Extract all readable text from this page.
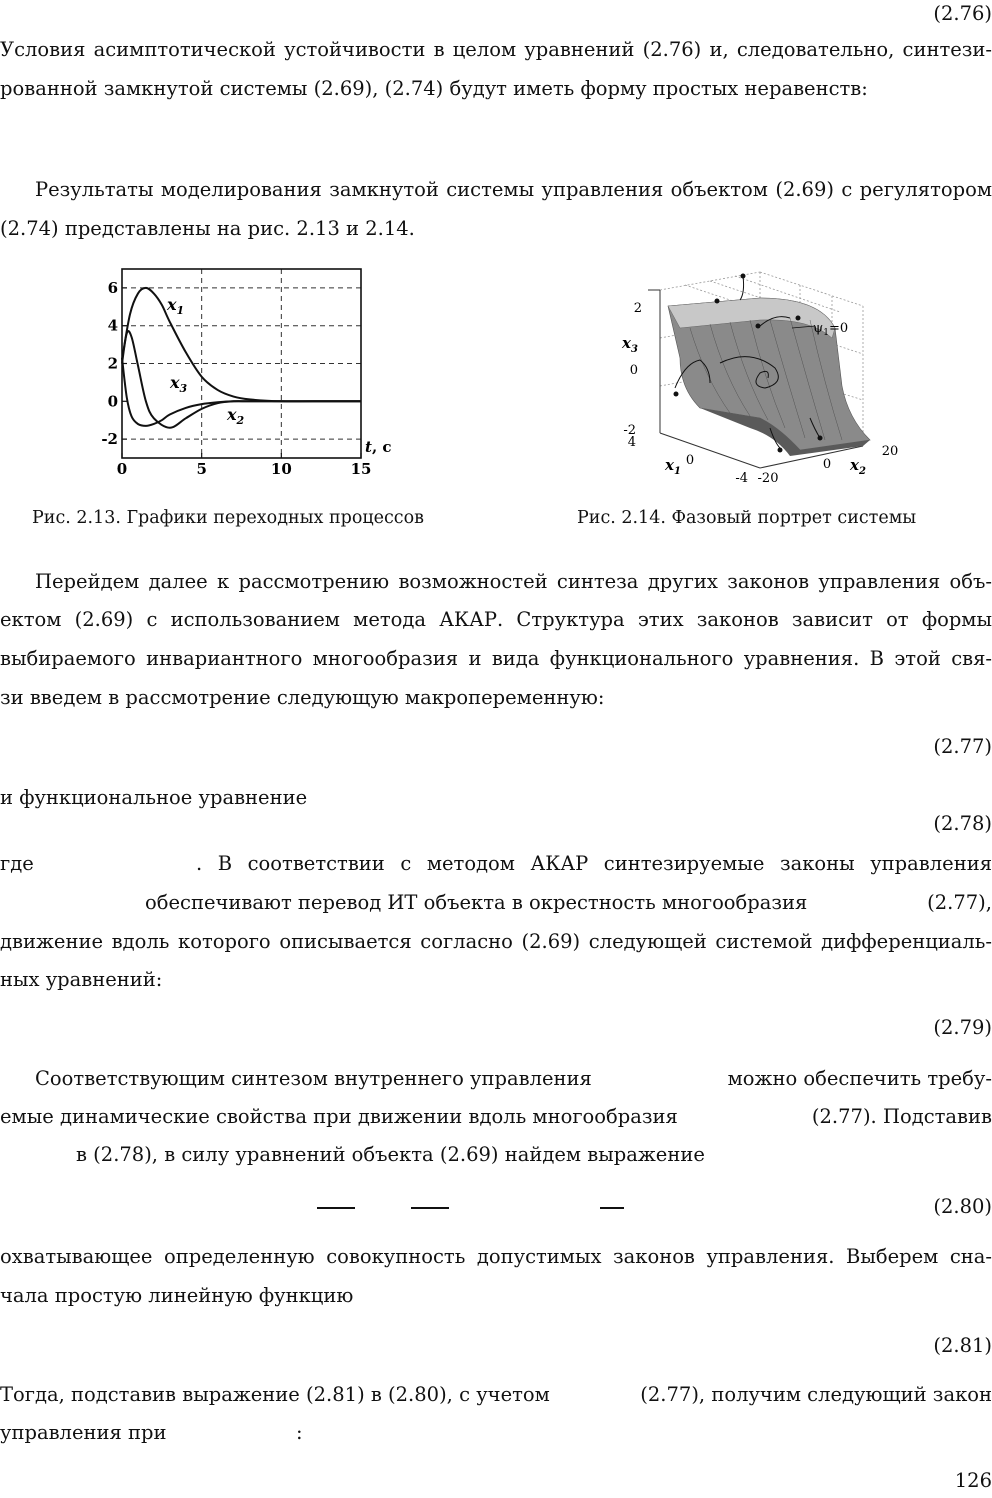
(2.76)
Условия асимптотической устойчивости в целом уравнений (2.76) и, следовательно, синтези-
рованной замкнутой системы (2.69), (2.74) будут иметь форму простых неравенств:
Результаты моделирования замкнутой системы управления объектом (2.69) с регулятором
(2.74) представлены на рис. 2.13 и 2.14.
0	5	10	15
6
4
2
0
-2	t, с
$x_1$
$x_3$
$x_2$
$\psi_1=0$
2
0
-2
$x_3$
4
0
-4
$x_1$	-20
0
20
$x_2$
Рис. 2.13. Графики переходных процессов	Рис. 2.14. Фазовый портрет системы
Перейдем далее к рассмотрению возможностей синтеза других законов управления объ-
ектом (2.69) с использованием метода АКАР. Структура этих законов зависит от формы
выбираемого инвариантного многообразия и вида функционального уравнения. В этой свя-
зи введем в рассмотрение следующую макропеременную:
(2.77)
и функциональное уравнение
(2.78)
где	. В соответствии с методом АКАР синтезируемые законы управления
обеспечивают перевод ИТ объекта в окрестность многообразия	(2.77),
движение вдоль которого описывается согласно (2.69) следующей системой дифференциаль-
ных уравнений:
(2.79)
Соответствующим синтезом внутреннего управления	можно обеспечить требу-
емые динамические свойства при движении вдоль многообразия	(2.77). Подставив
в (2.78), в силу уравнений объекта (2.69) найдем выражение
(2.80)
охватывающее определенную совокупность допустимых законов управления. Выберем сна-
чала простую линейную функцию
(2.81)
Тогда, подставив выражение (2.81) в (2.80), с учетом	(2.77), получим следующий закон
управления при	:
126
